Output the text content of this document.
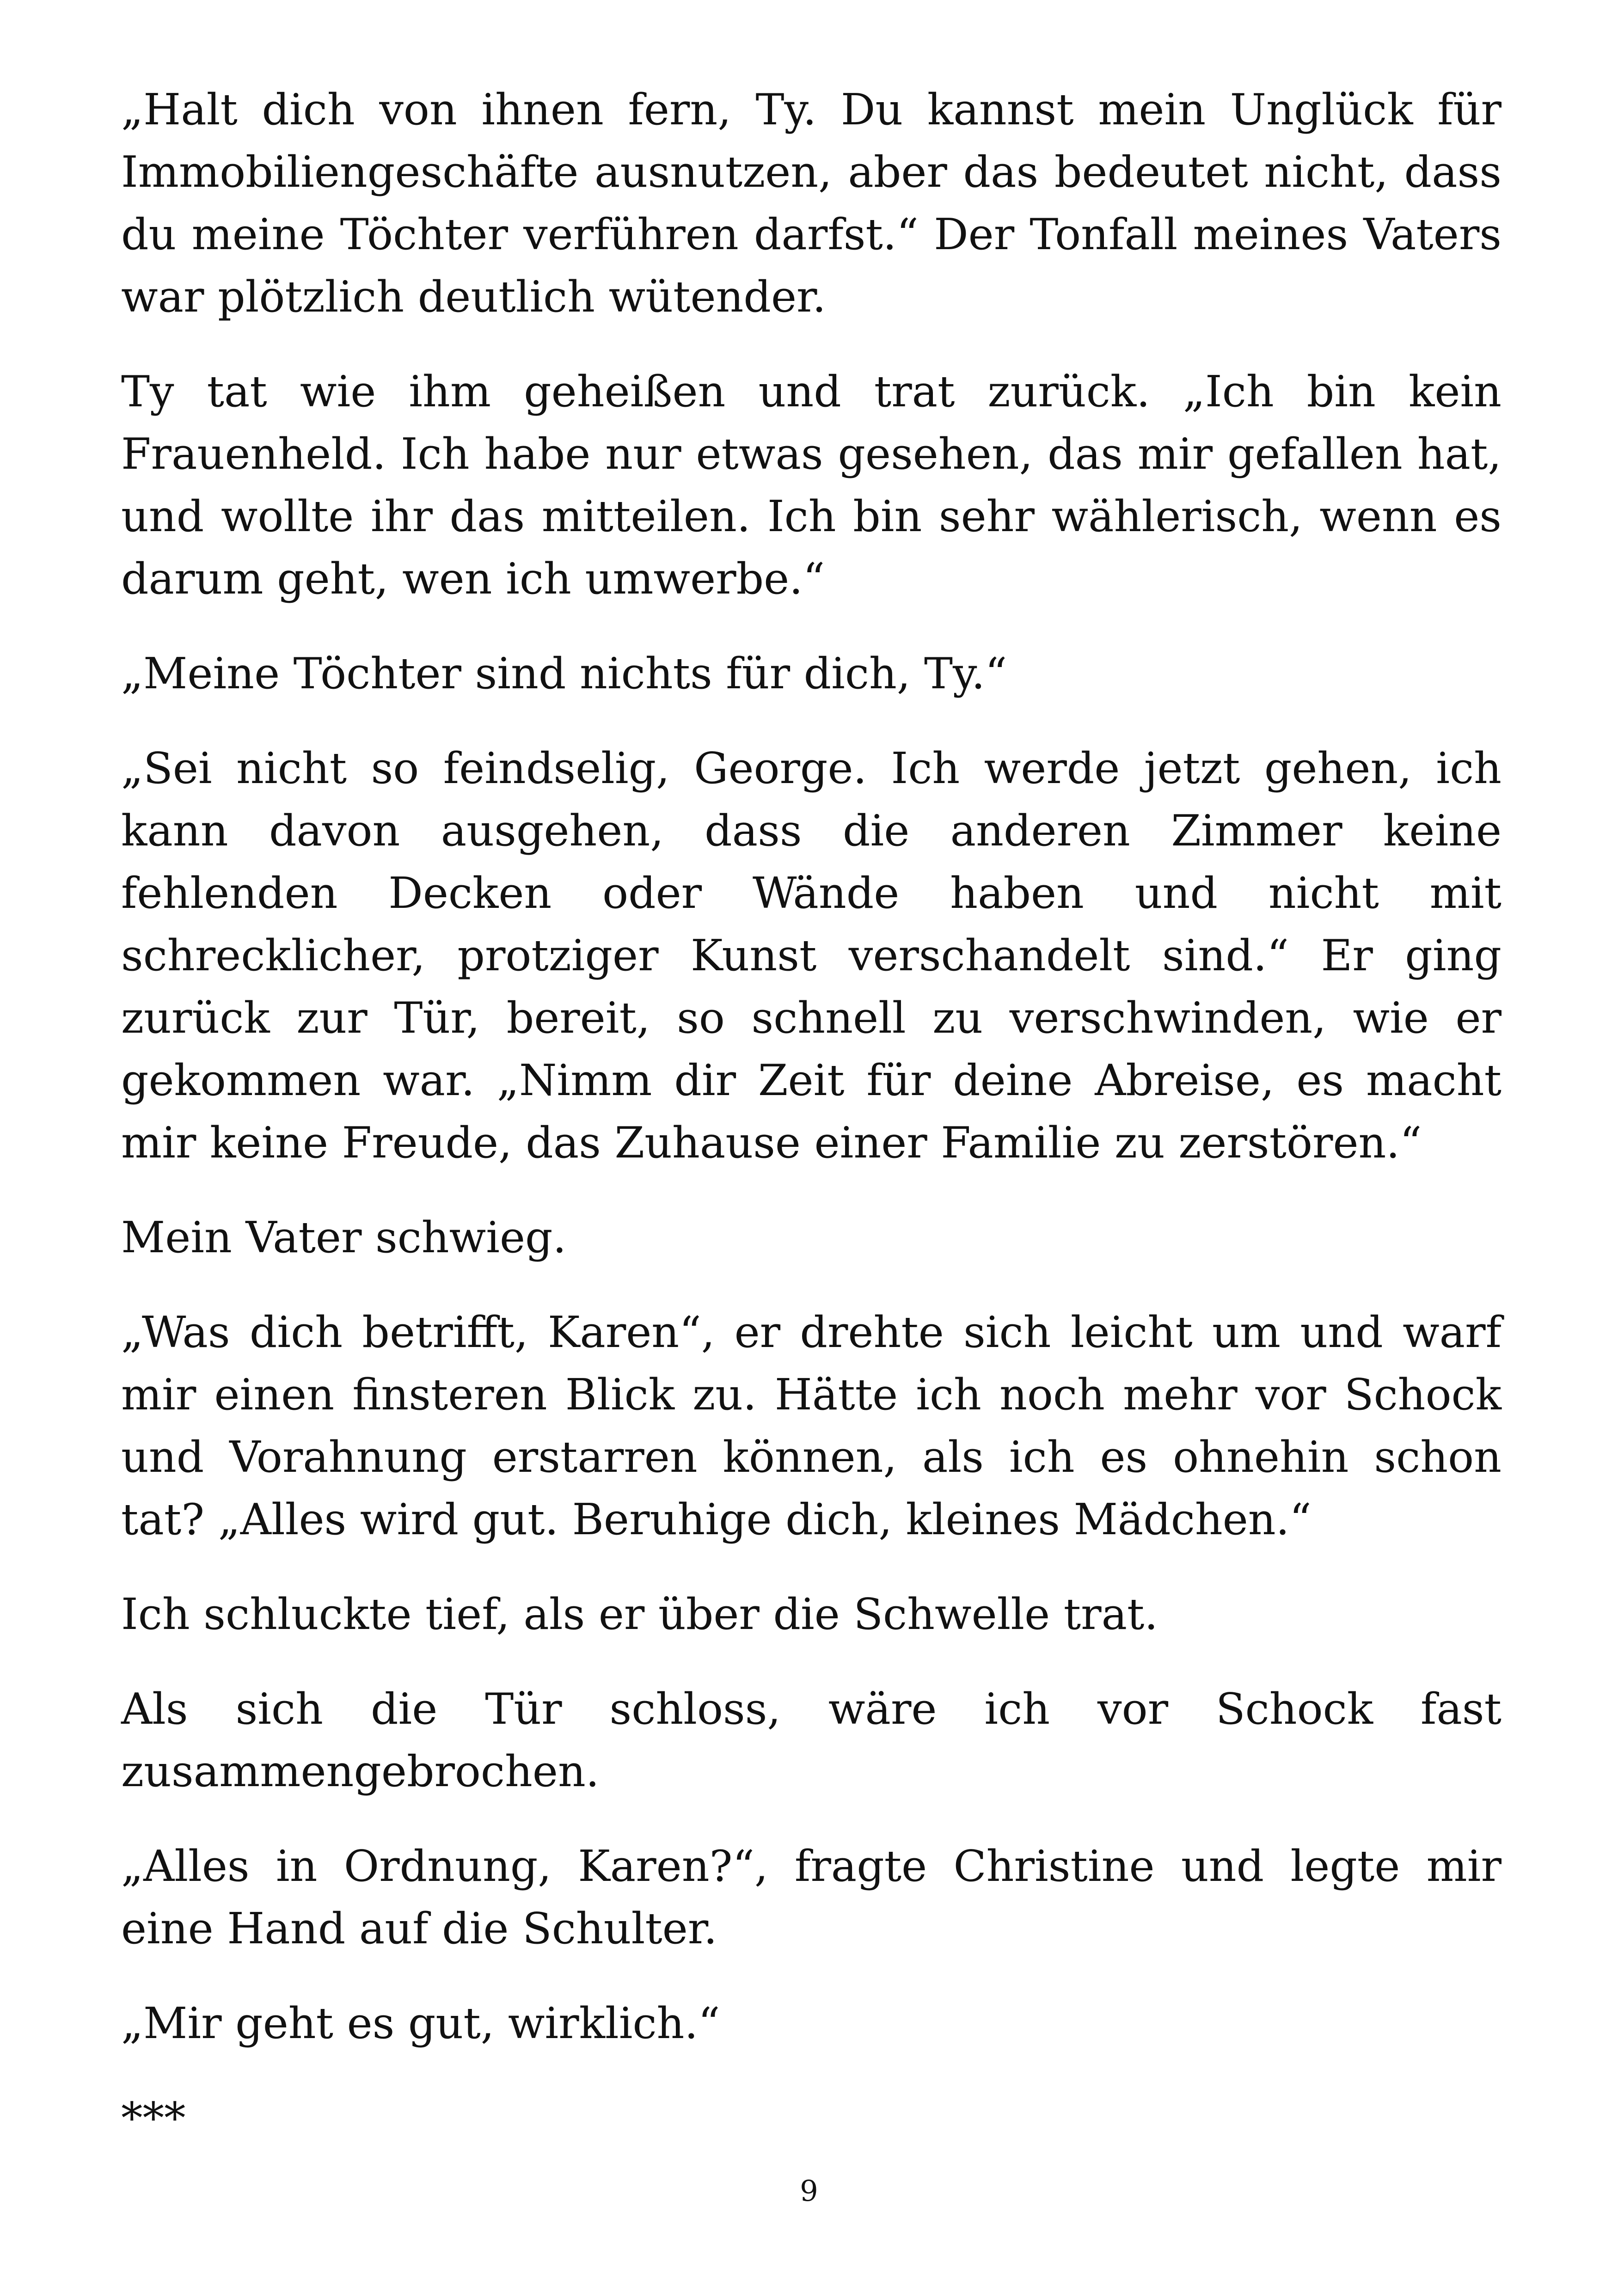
„Halt dich von ihnen fern, Ty. Du kannst mein Unglück für Immobiliengeschäfte ausnutzen, aber das bedeutet nicht, dass du meine Töchter verführen darfst.“ Der Tonfall meines Vaters war plötzlich deutlich wütender.

Ty tat wie ihm geheißen und trat zurück. „Ich bin kein Frauenheld. Ich habe nur etwas gesehen, das mir gefallen hat, und wollte ihr das mitteilen. Ich bin sehr wählerisch, wenn es darum geht, wen ich umwerbe.“

„Meine Töchter sind nichts für dich, Ty.“

„Sei nicht so feindselig, George. Ich werde jetzt gehen, ich kann davon ausgehen, dass die anderen Zimmer keine fehlenden Decken oder Wände haben und nicht mit schrecklicher, protziger Kunst verschandelt sind.“ Er ging zurück zur Tür, bereit, so schnell zu verschwinden, wie er gekommen war. „Nimm dir Zeit für deine Abreise, es macht mir keine Freude, das Zuhause einer Familie zu zerstören.“

Mein Vater schwieg.

„Was dich betrifft, Karen“, er drehte sich leicht um und warf mir einen finsteren Blick zu. Hätte ich noch mehr vor Schock und Vorahnung erstarren können, als ich es ohnehin schon tat? „Alles wird gut. Beruhige dich, kleines Mädchen.“

Ich schluckte tief, als er über die Schwelle trat.

Als sich die Tür schloss, wäre ich vor Schock fast zusammengebrochen.

„Alles in Ordnung, Karen?“, fragte Christine und legte mir eine Hand auf die Schulter.

„Mir geht es gut, wirklich.“

***

9
